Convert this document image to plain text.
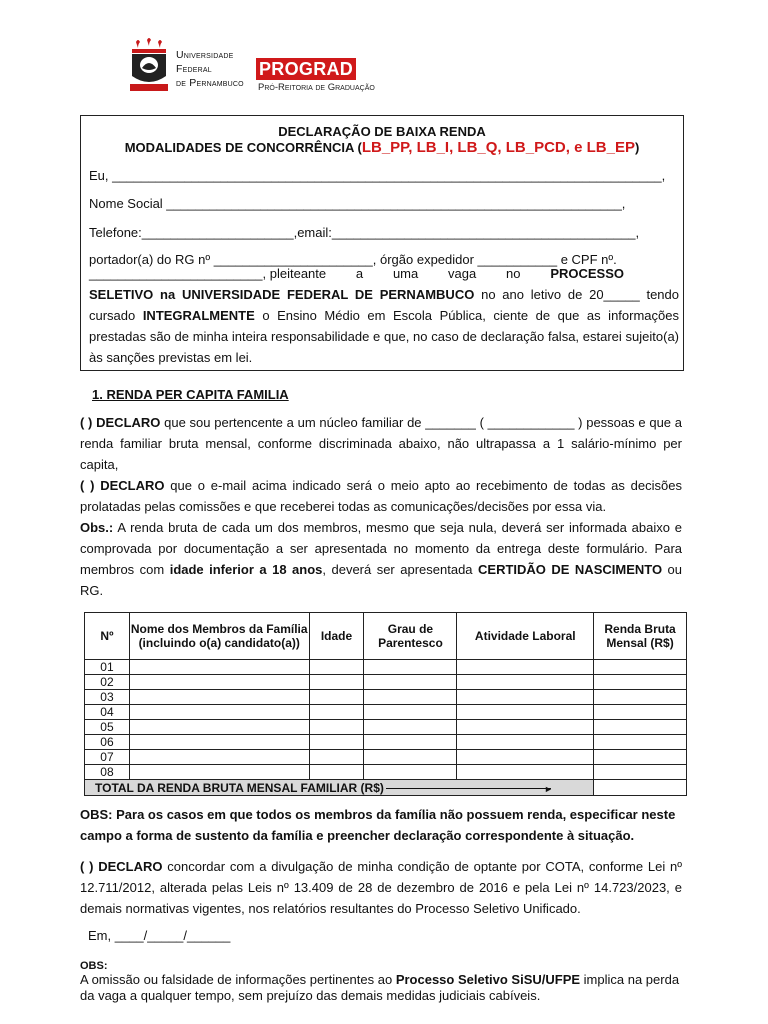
Universidade
Federal
de Pernambuco
PROGRAD
Pró-Reitoria de Graduação
DECLARAÇÃO DE BAIXA RENDA
MODALIDADES DE CONCORRÊNCIA (LB_PP, LB_I, LB_Q, LB_PCD, e LB_EP)
Eu, ____________________________________________________________________________,
Nome Social _______________________________________________________________,
Telefone:_____________________,email:__________________________________________,
portador(a) do RG nº ______________________, órgão expedidor ___________ e CPF nº.
________________________, pleiteante a uma vaga no PROCESSO
SELETIVO na UNIVERSIDADE FEDERAL DE PERNAMBUCO no ano letivo de 20_____ tendo cursado INTEGRALMENTE o Ensino Médio em Escola Pública, ciente de que as informações prestadas são de minha inteira responsabilidade e que, no caso de declaração falsa, estarei sujeito(a) às sanções previstas em lei.
1. RENDA PER CAPITA FAMILIA
( ) DECLARO que sou pertencente a um núcleo familiar de _______ ( ____________ ) pessoas e que a renda familiar bruta mensal, conforme discriminada abaixo, não ultrapassa a 1 salário-mínimo per capita,
( ) DECLARO que o e-mail acima indicado será o meio apto ao recebimento de todas as decisões prolatadas pelas comissões e que receberei todas as comunicações/decisões por essa via.
Obs.: A renda bruta de cada um dos membros, mesmo que seja nula, deverá ser informada abaixo e comprovada por documentação a ser apresentada no momento da entrega deste formulário. Para membros com idade inferior a 18 anos, deverá ser apresentada CERTIDÃO DE NASCIMENTO ou RG.
Nº	Nome dos Membros da Família (incluindo o(a) candidato(a))	Idade	Grau de Parentesco	Atividade Laboral	Renda Bruta Mensal (R$)
01					
02					
03					
04					
05					
06					
07					
08					
TOTAL DA RENDA BRUTA MENSAL FAMILIAR (R$) ►					

OBS: Para os casos em que todos os membros da família não possuem renda, especificar neste campo a forma de sustento da família e preencher declaração correspondente à situação.
( ) DECLARO concordar com a divulgação de minha condição de optante por COTA, conforme Lei nº 12.711/2012, alterada pelas Leis nº 13.409 de 28 de dezembro de 2016 e pela Lei nº 14.723/2023, e demais normativas vigentes, nos relatórios resultantes do Processo Seletivo Unificado.
Em, ____/_____/______
OBS:
A omissão ou falsidade de informações pertinentes ao Processo Seletivo SiSU/UFPE implica na perda da vaga a qualquer tempo, sem prejuízo das demais medidas judiciais cabíveis.
